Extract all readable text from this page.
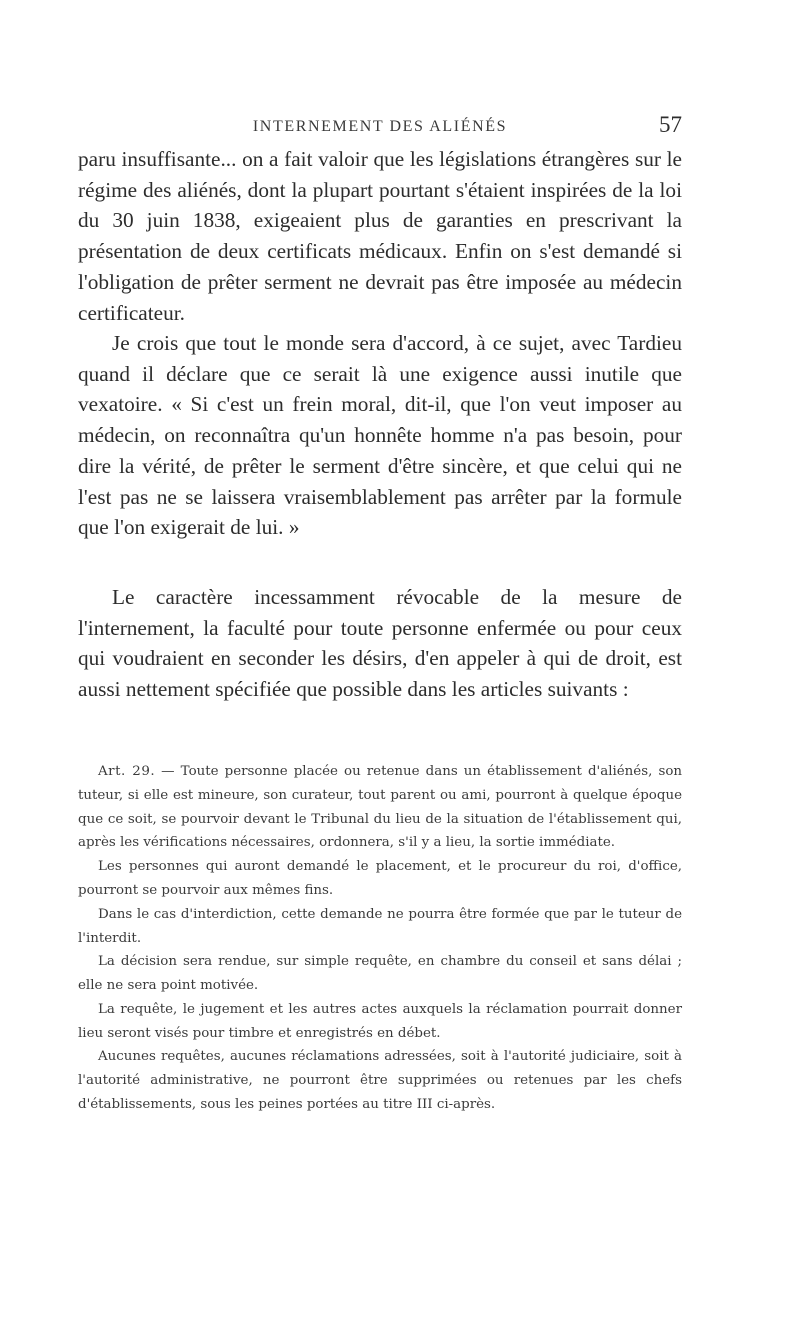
INTERNEMENT DES ALIÉNÉS	57

paru insuffisante... on a fait valoir que les législations étrangères sur le régime des aliénés, dont la plupart pourtant s'étaient inspirées de la loi du 30 juin 1838, exigeaient plus de garanties en prescrivant la présentation de deux certificats médicaux. Enfin on s'est demandé si l'obligation de prêter serment ne devrait pas être imposée au médecin certificateur.

Je crois que tout le monde sera d'accord, à ce sujet, avec Tardieu quand il déclare que ce serait là une exigence aussi inutile que vexatoire. « Si c'est un frein moral, dit-il, que l'on veut imposer au médecin, on reconnaîtra qu'un honnête homme n'a pas besoin, pour dire la vérité, de prêter le serment d'être sincère, et que celui qui ne l'est pas ne se laissera vraisemblablement pas arrêter par la formule que l'on exigerait de lui. »

Le caractère incessamment révocable de la mesure de l'internement, la faculté pour toute personne enfermée ou pour ceux qui voudraient en seconder les désirs, d'en appeler à qui de droit, est aussi nettement spécifiée que possible dans les articles suivants :

Art. 29. — Toute personne placée ou retenue dans un établissement d'aliénés, son tuteur, si elle est mineure, son curateur, tout parent ou ami, pourront à quelque époque que ce soit, se pourvoir devant le Tribunal du lieu de la situation de l'établissement qui, après les vérifications nécessaires, ordonnera, s'il y a lieu, la sortie immédiate.

Les personnes qui auront demandé le placement, et le procureur du roi, d'office, pourront se pourvoir aux mêmes fins.

Dans le cas d'interdiction, cette demande ne pourra être formée que par le tuteur de l'interdit.

La décision sera rendue, sur simple requête, en chambre du conseil et sans délai ; elle ne sera point motivée.

La requête, le jugement et les autres actes auxquels la réclamation pourrait donner lieu seront visés pour timbre et enregistrés en débet.

Aucunes requêtes, aucunes réclamations adressées, soit à l'autorité judiciaire, soit à l'autorité administrative, ne pourront être supprimées ou retenues par les chefs d'établissements, sous les peines portées au titre III ci-après.
